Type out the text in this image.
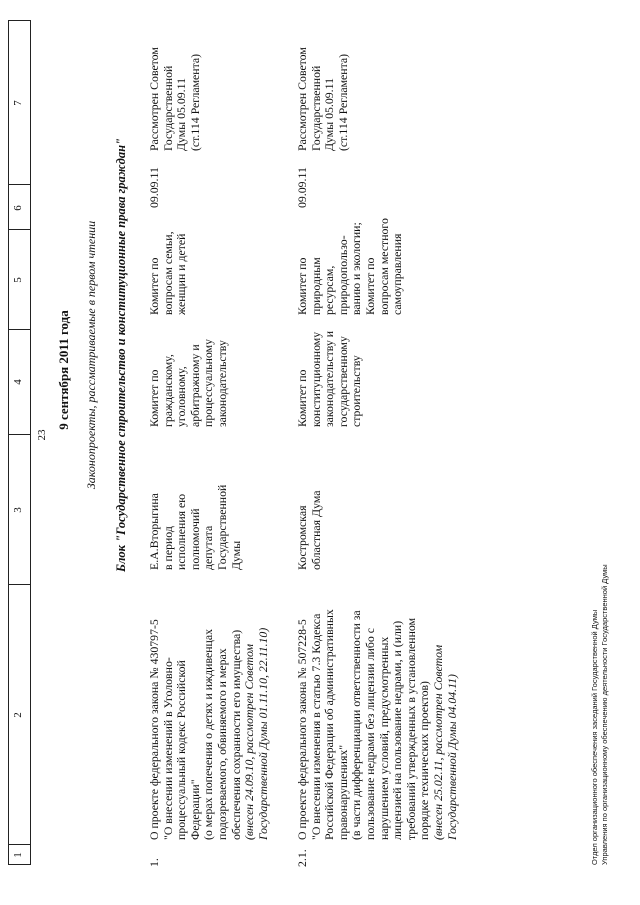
1
2
3
4
5
6
7
23
9 сентября 2011 года Законопроекты, рассматриваемые в первом чтении Блок "Государственное строительство и конституционные права граждан"
1.

О проекте федерального закона № 430797-5 "О внесении изменений в Уголовно- процессуальный кодекс Российской Федерации" (о мерах попечения о детях и иждивенцах подозреваемого, обвиняемого и мерах обеспечения сохранности его имущества) (внесен 24.09.10, рассмотрен Советом Государственной Думы 01.11.10, 22.11.10)

Е.А.Вторыгина в период исполнения ею полномочий депутата Государственной Думы

Комитет по гражданскому, уголовному, арбитражному и процессуальному законодательству

Комитет по вопросам семьи, женщин и детей

09.09.11

Рассмотрен Советом Государственной Думы 05.09.11 (ст.114 Регламента)

2.1.

О проекте федерального закона № 507228-5 "О внесении изменения в статью 7.3 Кодекса Российской Федерации об административных правонарушениях" (в части дифференциации ответственности за пользование недрами без лицензии либо с нарушением условий, предусмотренных лицензией на пользование недрами, и (или) требований утвержденных в установленном порядке технических проектов) (внесен 25.02.11, рассмотрен Советом Государственной Думы 04.04.11)

Костромская областная Дума

Комитет по конституционному законодательству и государственному строительству

Комитет по природным ресурсам, природопользо- ванию и экологии; Комитет по вопросам местного самоуправления

09.09.11

Рассмотрен Советом Государственной Думы 05.09.11 (ст.114 Регламента)

Отдел организационного обеспечения заседаний Государственной Думы Управления по организационному обеспечению деятельности Государственной Думы
